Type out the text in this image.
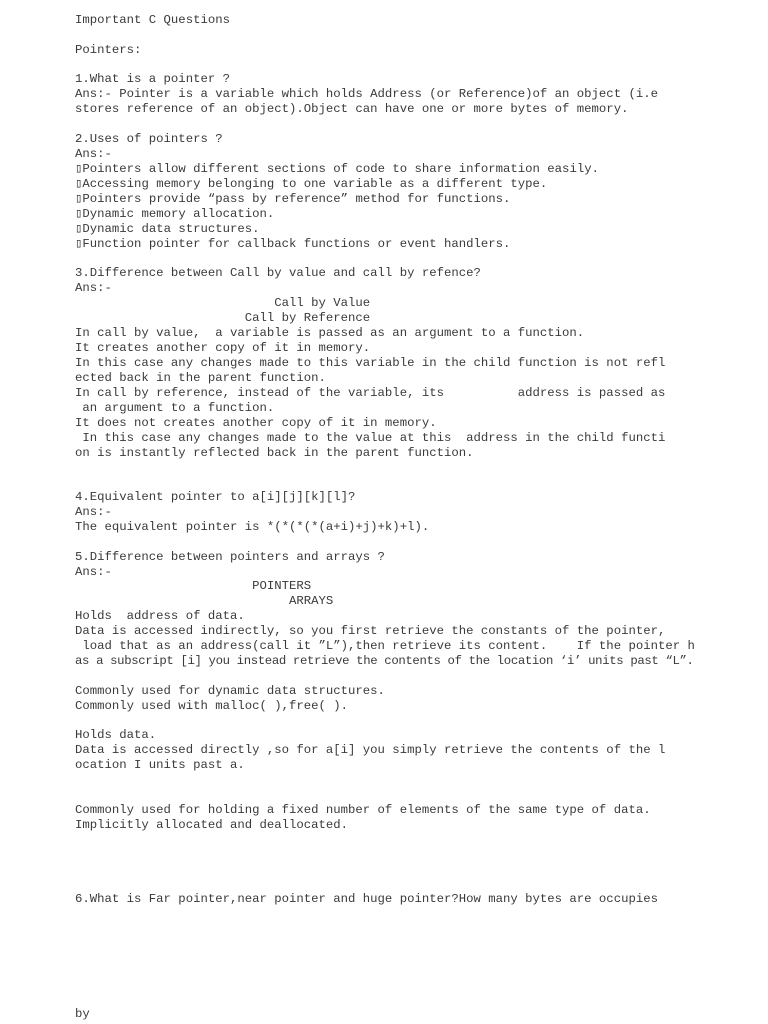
Important C Questions

Pointers:

1.What is a pointer ?

Ans:- Pointer is a variable which holds Address (or Reference)of an object (i.e

stores reference of an object).Object can have one or more bytes of memory.

2.Uses of pointers ?

Ans:-

▯Pointers allow different sections of code to share information easily.

▯Accessing memory belonging to one variable as a different type.

▯Pointers provide “pass by reference” method for functions.

▯Dynamic memory allocation.

▯Dynamic data structures.

▯Function pointer for callback functions or event handlers.

3.Difference between Call by value and call by refence?

Ans:-

Call by Value

Call by Reference

In call by value,  a variable is passed as an argument to a function.

It creates another copy of it in memory.

In this case any changes made to this variable in the child function is not refl

ected back in the parent function.

In call by reference, instead of the variable, its          address is passed as

an argument to a function.

It does not creates another copy of it in memory.

In this case any changes made to the value at this  address in the child functi

on is instantly reflected back in the parent function.

4.Equivalent pointer to a[i][j][k][l]?

Ans:-

The equivalent pointer is *(*(*(*(a+i)+j)+k)+l).

5.Difference between pointers and arrays ?

Ans:-

POINTERS

ARRAYS

Holds  address of data.

Data is accessed indirectly, so you first retrieve the constants of the pointer,

load that as an address(call it ”L”),then retrieve its content.    If the pointer h

as a subscript [i] you instead retrieve the contents of the location ‘i’ units past “L”.

Commonly used for dynamic data structures.

Commonly used with malloc( ),free( ).

Holds data.

Data is accessed directly ,so for a[i] you simply retrieve the contents of the l

ocation I units past a.

Commonly used for holding a fixed number of elements of the same type of data.

Implicitly allocated and deallocated.

6.What is Far pointer,near pointer and huge pointer?How many bytes are occupies

by
